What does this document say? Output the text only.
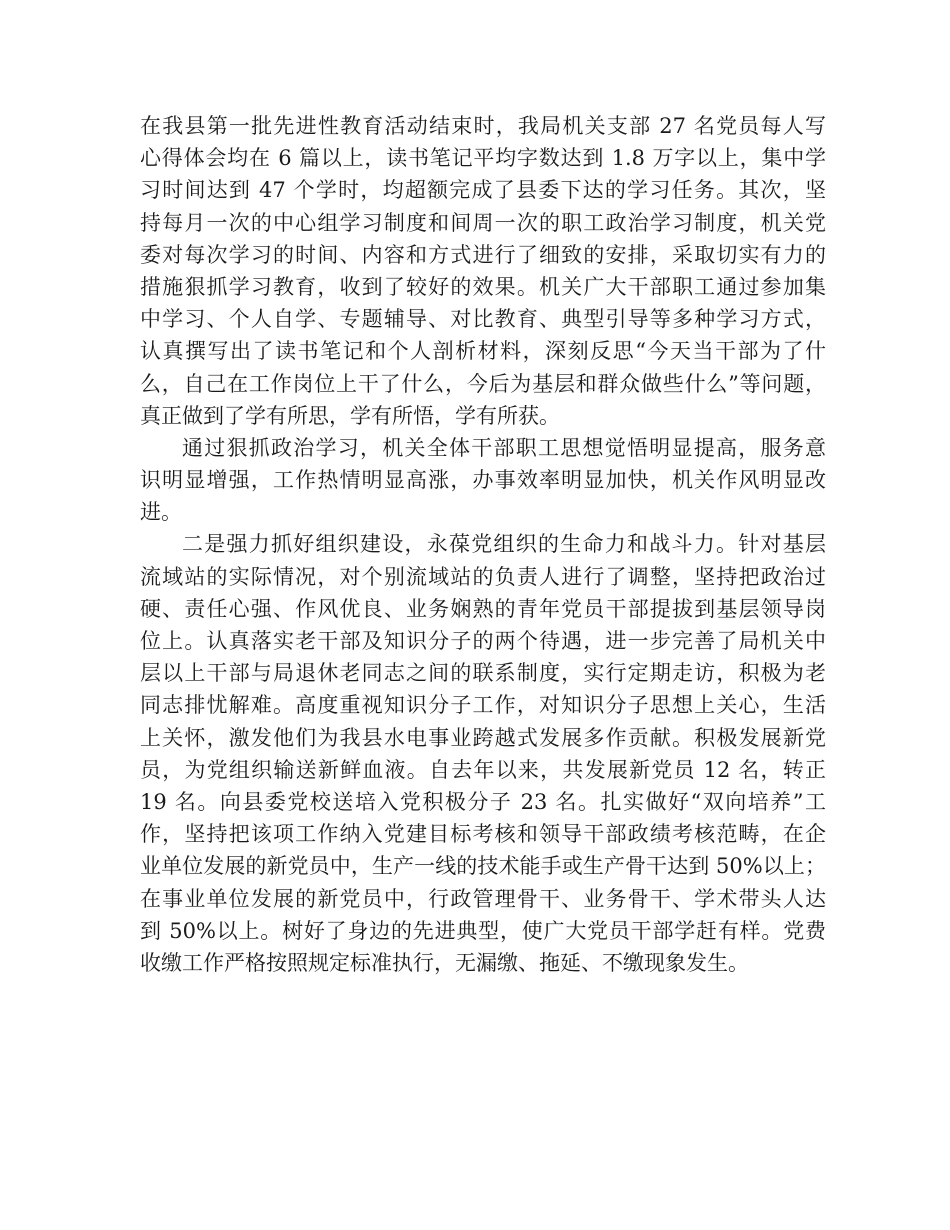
在我县第一批先进性教育活动结束时，我局机关支部 27 名党员每人写
心得体会均在 6 篇以上，读书笔记平均字数达到 1.8 万字以上，集中学
习时间达到 47 个学时，均超额完成了县委下达的学习任务。其次，坚
持每月一次的中心组学习制度和间周一次的职工政治学习制度，机关党
委对每次学习的时间、内容和方式进行了细致的安排，采取切实有力的
措施狠抓学习教育，收到了较好的效果。机关广大干部职工通过参加集
中学习、个人自学、专题辅导、对比教育、典型引导等多种学习方式，
认真撰写出了读书笔记和个人剖析材料，深刻反思“今天当干部为了什
么，自己在工作岗位上干了什么，今后为基层和群众做些什么”等问题，
真正做到了学有所思，学有所悟，学有所获。
通过狠抓政治学习，机关全体干部职工思想觉悟明显提高，服务意
识明显增强，工作热情明显高涨，办事效率明显加快，机关作风明显改
进。
二是强力抓好组织建设，永葆党组织的生命力和战斗力。针对基层
流域站的实际情况，对个别流域站的负责人进行了调整，坚持把政治过
硬、责任心强、作风优良、业务娴熟的青年党员干部提拔到基层领导岗
位上。认真落实老干部及知识分子的两个待遇，进一步完善了局机关中
层以上干部与局退休老同志之间的联系制度，实行定期走访，积极为老
同志排忧解难。高度重视知识分子工作，对知识分子思想上关心，生活
上关怀，激发他们为我县水电事业跨越式发展多作贡献。积极发展新党
员，为党组织输送新鲜血液。自去年以来，共发展新党员 12 名，转正
19 名。向县委党校送培入党积极分子 23 名。扎实做好“双向培养”工
作，坚持把该项工作纳入党建目标考核和领导干部政绩考核范畴，在企
业单位发展的新党员中，生产一线的技术能手或生产骨干达到 50%以上；
在事业单位发展的新党员中，行政管理骨干、业务骨干、学术带头人达
到 50%以上。树好了身边的先进典型，使广大党员干部学赶有样。党费
收缴工作严格按照规定标准执行，无漏缴、拖延、不缴现象发生。
